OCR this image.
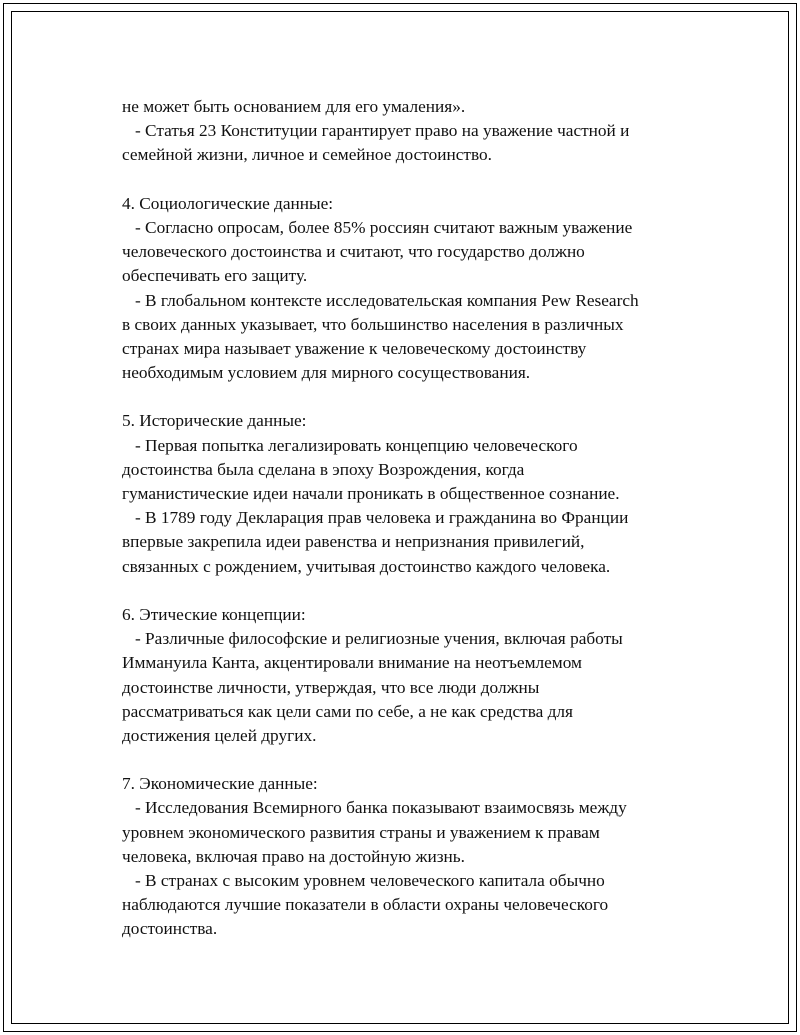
не может быть основанием для его умаления».
- Статья 23 Конституции гарантирует право на уважение частной и
семейной жизни, личное и семейное достоинство.
4. Социологические данные:
- Согласно опросам, более 85% россиян считают важным уважение
человеческого достоинства и считают, что государство должно
обеспечивать его защиту.
- В глобальном контексте исследовательская компания Pew Research
в своих данных указывает, что большинство населения в различных
странах мира называет уважение к человеческому достоинству
необходимым условием для мирного сосуществования.
5. Исторические данные:
- Первая попытка легализировать концепцию человеческого
достоинства была сделана в эпоху Возрождения, когда
гуманистические идеи начали проникать в общественное сознание.
- В 1789 году Декларация прав человека и гражданина во Франции
впервые закрепила идеи равенства и непризнания привилегий,
связанных с рождением, учитывая достоинство каждого человека.
6. Этические концепции:
- Различные философские и религиозные учения, включая работы
Иммануила Канта, акцентировали внимание на неотъемлемом
достоинстве личности, утверждая, что все люди должны
рассматриваться как цели сами по себе, а не как средства для
достижения целей других.
7. Экономические данные:
- Исследования Всемирного банка показывают взаимосвязь между
уровнем экономического развития страны и уважением к правам
человека, включая право на достойную жизнь.
- В странах с высоким уровнем человеческого капитала обычно
наблюдаются лучшие показатели в области охраны человеческого
достоинства.
